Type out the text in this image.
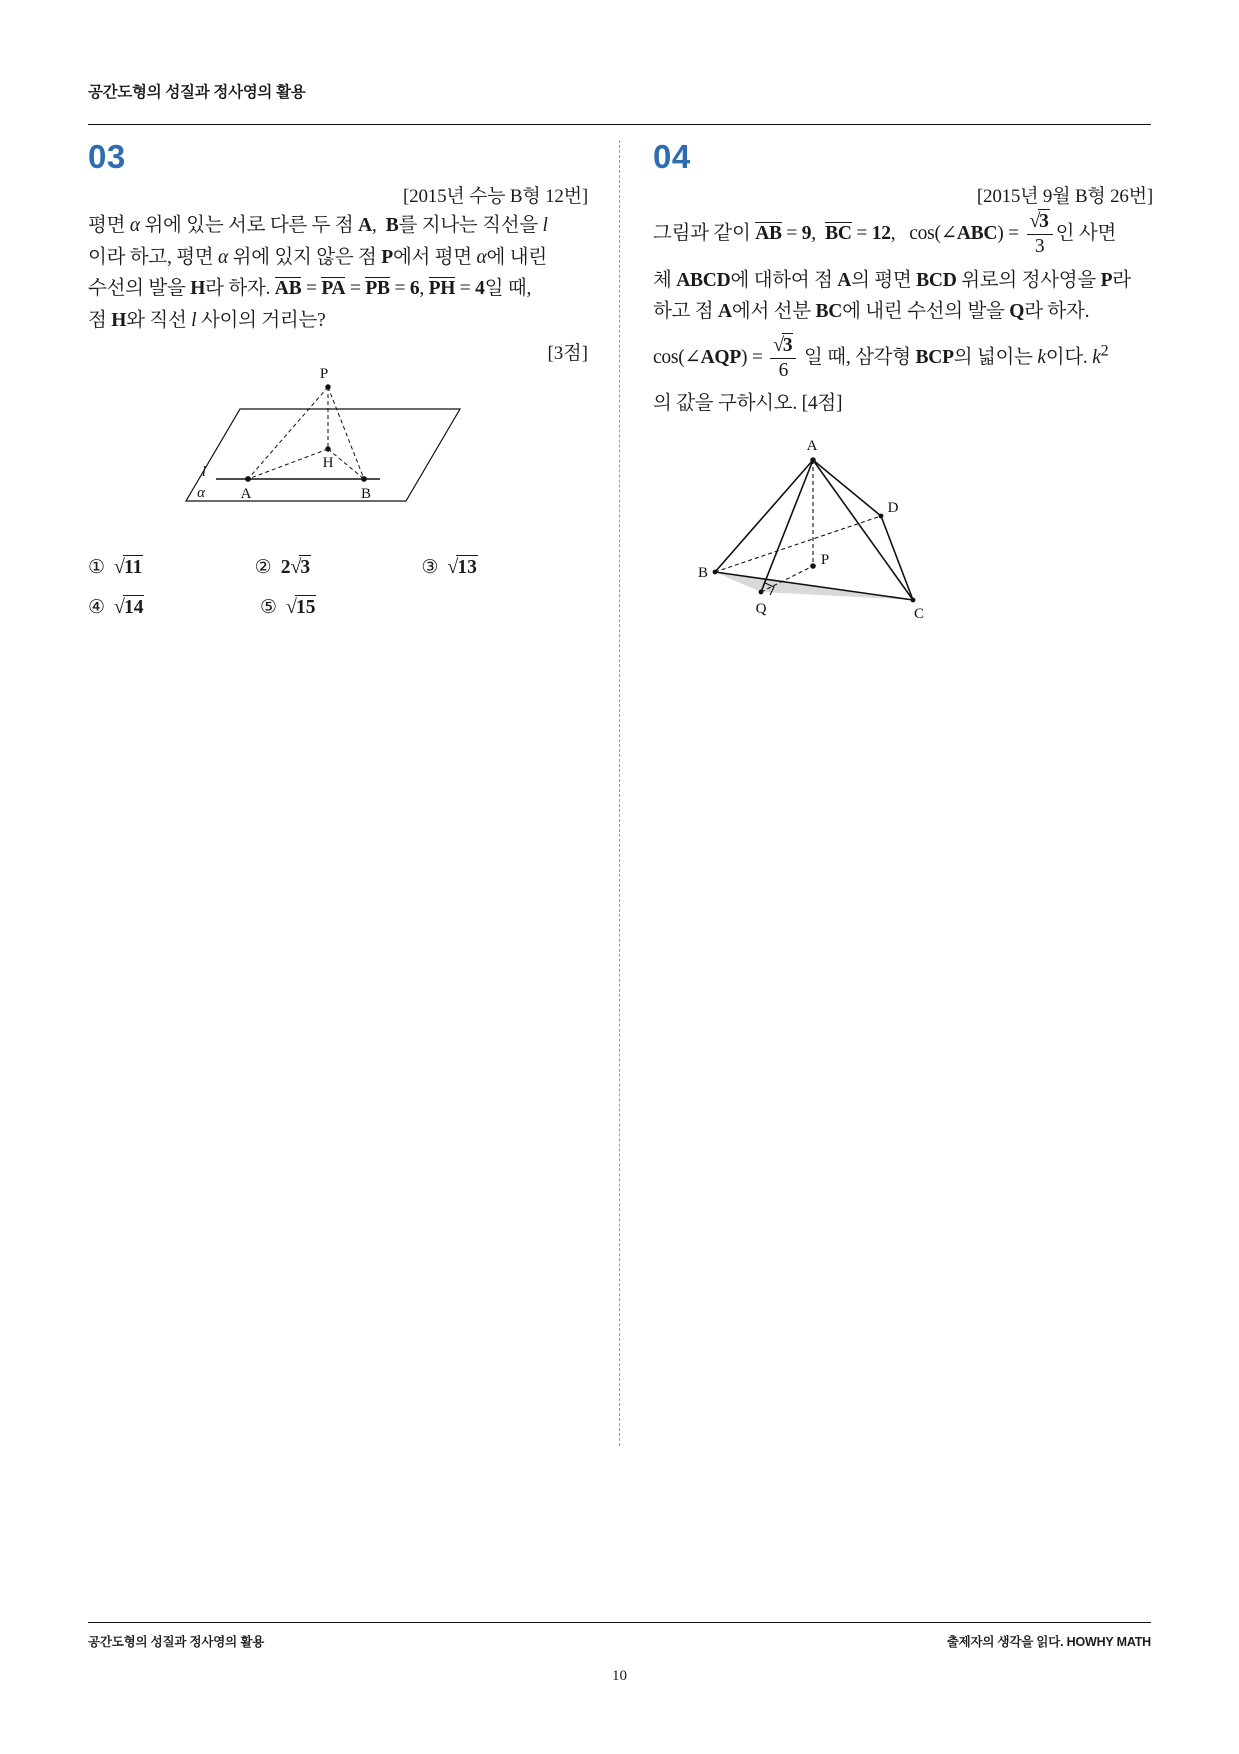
공간도형의 성질과 정사영의 활용
03
[2015년 수능 B형 12번]

평면 α 위에 있는 서로 다른 두 점 A,  B를 지나는 직선을 l

이라 하고, 평면 α 위에 있지 않은 점 P에서 평면 α에 내린

수선의 발을 H라 하자. AB = PA = PB = 6, PH = 4일 때,

점 H와 직선 l 사이의 거리는?

[3점]
P
H
l
A	B
α
① √11	② 2√3	③ √13
④ √14	⑤ √15
04
[2015년 9월 B형 26번]

그림과 같이 AB = 9,  BC = 12,   cos(∠ABC) = $\frac{√3}{3}$ 인 사면

체 ABCD에 대하여 점 A의 평면 BCD 위로의 정사영을 P라

하고 점 A에서 선분 BC에 내린 수선의 발을 Q라 하자.

cos(∠AQP) = $\frac{√3}{6}$ 일 때, 삼각형 BCP의 넓이는 k이다. $k^2$

의 값을 구하시오. [4점]

A
D
P
B
Q	C
공간도형의 성질과 정사영의 활용	출제자의 생각을 읽다. HOWHY MATH
10
